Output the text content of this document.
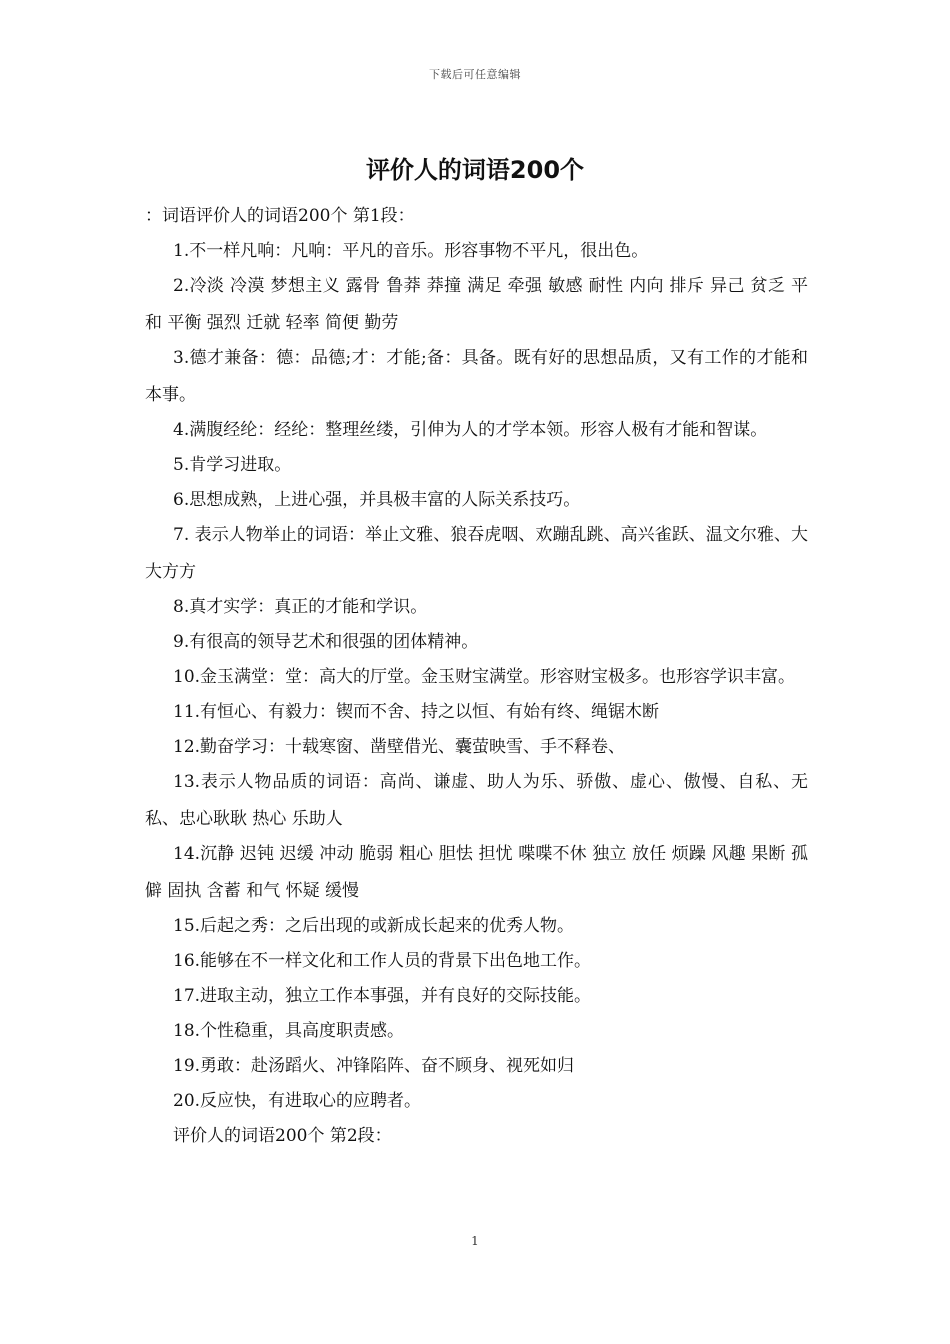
下载后可任意编辑
评价人的词语200个

：词语评价人的词语200个 第1段：

1.不一样凡响：凡响：平凡的音乐。形容事物不平凡，很出色。

2.冷淡 冷漠 梦想主义 露骨 鲁莽 莽撞 满足 牵强 敏感 耐性 内向 排斥 异己 贫乏 平和 平衡 强烈 迁就 轻率 简便 勤劳

3.德才兼备：德：品德;才：才能;备：具备。既有好的思想品质，又有工作的才能和本事。

4.满腹经纶：经纶：整理丝缕，引伸为人的才学本领。形容人极有才能和智谋。

5.肯学习进取。

6.思想成熟，上进心强，并具极丰富的人际关系技巧。

7. 表示人物举止的词语：举止文雅、狼吞虎咽、欢蹦乱跳、高兴雀跃、温文尔雅、大大方方

8.真才实学：真正的才能和学识。

9.有很高的领导艺术和很强的团体精神。

10.金玉满堂：堂：高大的厅堂。金玉财宝满堂。形容财宝极多。也形容学识丰富。

11.有恒心、有毅力：锲而不舍、持之以恒、有始有终、绳锯木断

12.勤奋学习：十载寒窗、凿壁借光、囊萤映雪、手不释卷、

13.表示人物品质的词语：高尚、谦虚、助人为乐、骄傲、虚心、傲慢、自私、无私、忠心耿耿 热心 乐助人

14.沉静 迟钝 迟缓 冲动 脆弱 粗心 胆怯 担忧 喋喋不休 独立 放任 烦躁 风趣 果断 孤僻 固执 含蓄 和气 怀疑 缓慢

15.后起之秀：之后出现的或新成长起来的优秀人物。

16.能够在不一样文化和工作人员的背景下出色地工作。

17.进取主动，独立工作本事强，并有良好的交际技能。

18.个性稳重，具高度职责感。

19.勇敢：赴汤蹈火、冲锋陷阵、奋不顾身、视死如归

20.反应快，有进取心的应聘者。

评价人的词语200个 第2段：

1
